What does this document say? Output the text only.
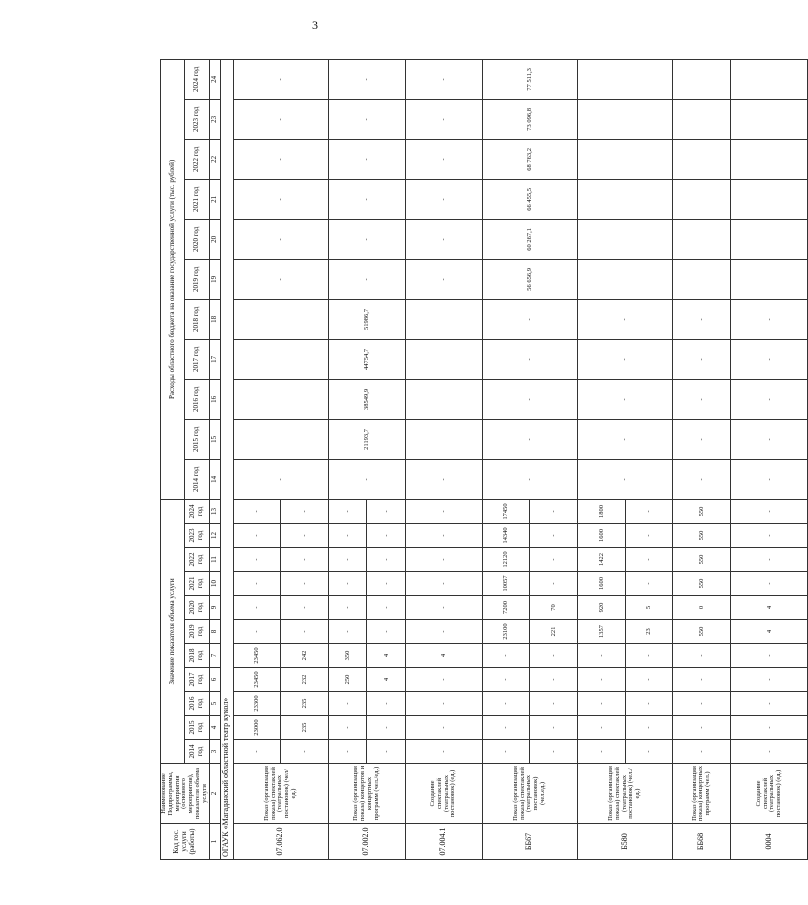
3
Код гос. услуги (работы)	Наименование Подпрограммы, мероприятия (основного мероприятия), показателя объема услуги	Значение показателя объема услуги											Расходы областного бюджета на оказание государственной услуги (тыс. рублей)										
		2014 год	2015 год	2016 год	2017 год	2018 год	2019 год	2020 год	2021 год	2022 год	2023 год	2024 год	2014 год	2015 год	2016 год	2017 год	2018 год	2019 год	2020 год	2021 год	2022 год	2023 год	2024 год
1	2	3	4	5	6	7	8	9	10	11	12	13	14	15	16	17	18	19	20	21	22	23	24
ОГАУК «Магаданский областной театр кукол»																							
07.062.0	Показ (организация показа) спектаклей (театральных постановок) (чел/ед.)	-	23000	23300	23450	23450	-	-	-	-	-	-	-					-	-	-	-	-	-
		-	235	235	232	242	-	-	-	-	-	-											
07.002.0	Показ (организация показа) концертов и концертных программ (чел./ед.)	-	-	-	250	350	-	-	-	-	-	-	-	21193,7	38549,9	44754,7	51986,7	-	-	-	-	-	-
		-	-	-	4	4	-	-	-	-	-	-											
07.004.1	Создание спектаклей (театральных постановок) (ед.)	-	-	-	-	4	-	-	-	-	-	-	-					-	-	-	-	-	-
ББ67	Показ (организация показа) спектаклей (театральных постановок) (чел.ед.)	-	-	-	-	-	23100	7200	10057	12120	14340	17450	-	-	-	-	-	56 656,9	60 267,1	66 455,5	68 763,2	73 096,8	77 511,3
		-	-	-	-	-	221	70	-	-	-	-											
Б580	Показ (организация показа) спектаклей (театральных постановок) (чел./ед.)	-	-	-	-	-	1357	920	1600	1422	1600	1800	-	-	-	-	-						
		-	-	-	-	-	23	5	-	-	-	-											
ББ68	Показ (организация показа) концертных программ (чел.)	-	-	-	-	-	550	0	550	550	550	550	-	-	-	-	-						
0004	Создание спектаклей (театральных постановок) (ед.)	-	-	-	-	-	4	4	-	-	-	-	-	-	-	-	-						
